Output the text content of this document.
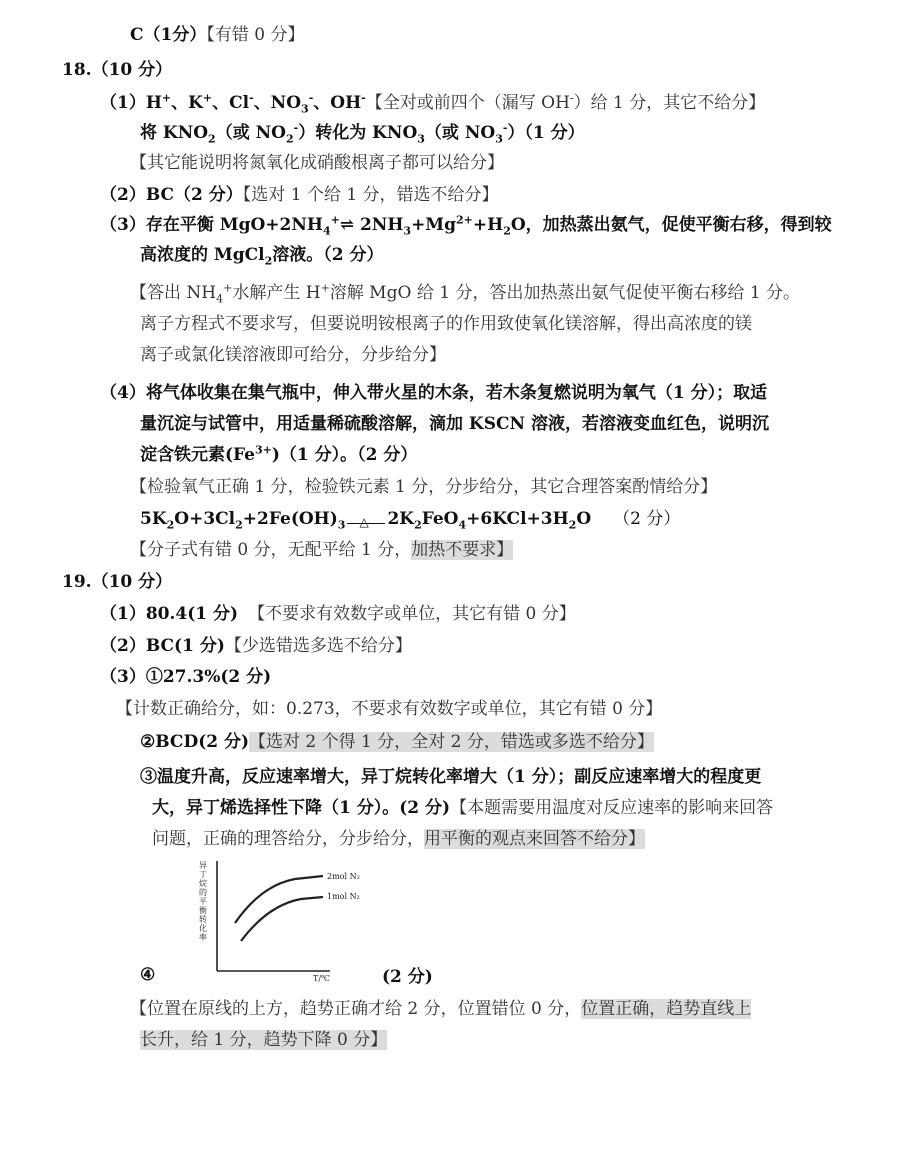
C（1分）【有错 0 分】
18.（10 分）
（1）H+、K+、Cl-、$NO_3^-$、OH-【全对或前四个（漏写 OH-）给 1 分，其它不给分】
将 $KNO_2$（或 $NO_2^-$）转化为 $KNO_3$（或 $NO_3^-)(1$ 分）
【其它能说明将氮氧化成硝酸根离子都可以给分】
（2）BC（2 分）【选对 1 个给 1 分，错选不给分】
（3）存在平衡 $MgO+2NH_4^+\rightleftharpoons$ $2NH_3+Mg^{2+}+H_2O$，加热蒸出氨气，促使平衡右移，得到较
高浓度的 MgCl$_2$溶液。（2 分）
【答出 $NH_4^+$水解产生 H+溶解 MgO 给 1 分，答出加热蒸出氨气促使平衡右移给 1 分。
离子方程式不要求写，但要说明铵根离子的作用致使氧化镁溶解，得出高浓度的镁
离子或氯化镁溶液即可给分，分步给分】
（4）将气体收集在集气瓶中，伸入带火星的木条，若木条复燃说明为氧气（1 分）；取适
量沉淀与试管中，用适量稀硫酸溶解，滴加 KSCN 溶液，若溶液变血红色，说明沉
淀含铁元素$(Fe^{3+})(1$ 分）。（2 分）
【检验氧气正确 1 分，检验铁元素 1 分，分步给分，其它合理答案酌情给分】
$5K_2O+3Cl_2+2Fe(OH)_3$ △ $2K_2FeO_4+6KCl+3H_2O$ （2 分）
【分子式有错 0 分，无配平给 1 分，加热不要求】
19.（10 分）
（1）80.4(1 分) 【不要求有效数字或单位，其它有错 0 分】
（2）BC(1 分)【少选错选多选不给分】
（3）①27.3%(2 分)
【计数正确给分，如：0.273，不要求有效数字或单位，其它有错 0 分】
②BCD(2 分)【选对 2 个得 1 分，全对 2 分，错选或多选不给分】
③温度升高，反应速率增大，异丁烷转化率增大（1 分）；副反应速率增大的程度更
大，异丁烯选择性下降（1 分）。(2 分)【本题需要用温度对反应速率的影响来回答
问题，正确的理答给分，分步给分，用平衡的观点来回答不给分】
异丁烷的平衡转化率
T/℃
2mol N₂
1mol N₂
④	(2 分)
【位置在原线的上方，趋势正确才给 2 分，位置错位 0 分，位置正确，趋势直线上
长升，给 1 分，趋势下降 0 分】
